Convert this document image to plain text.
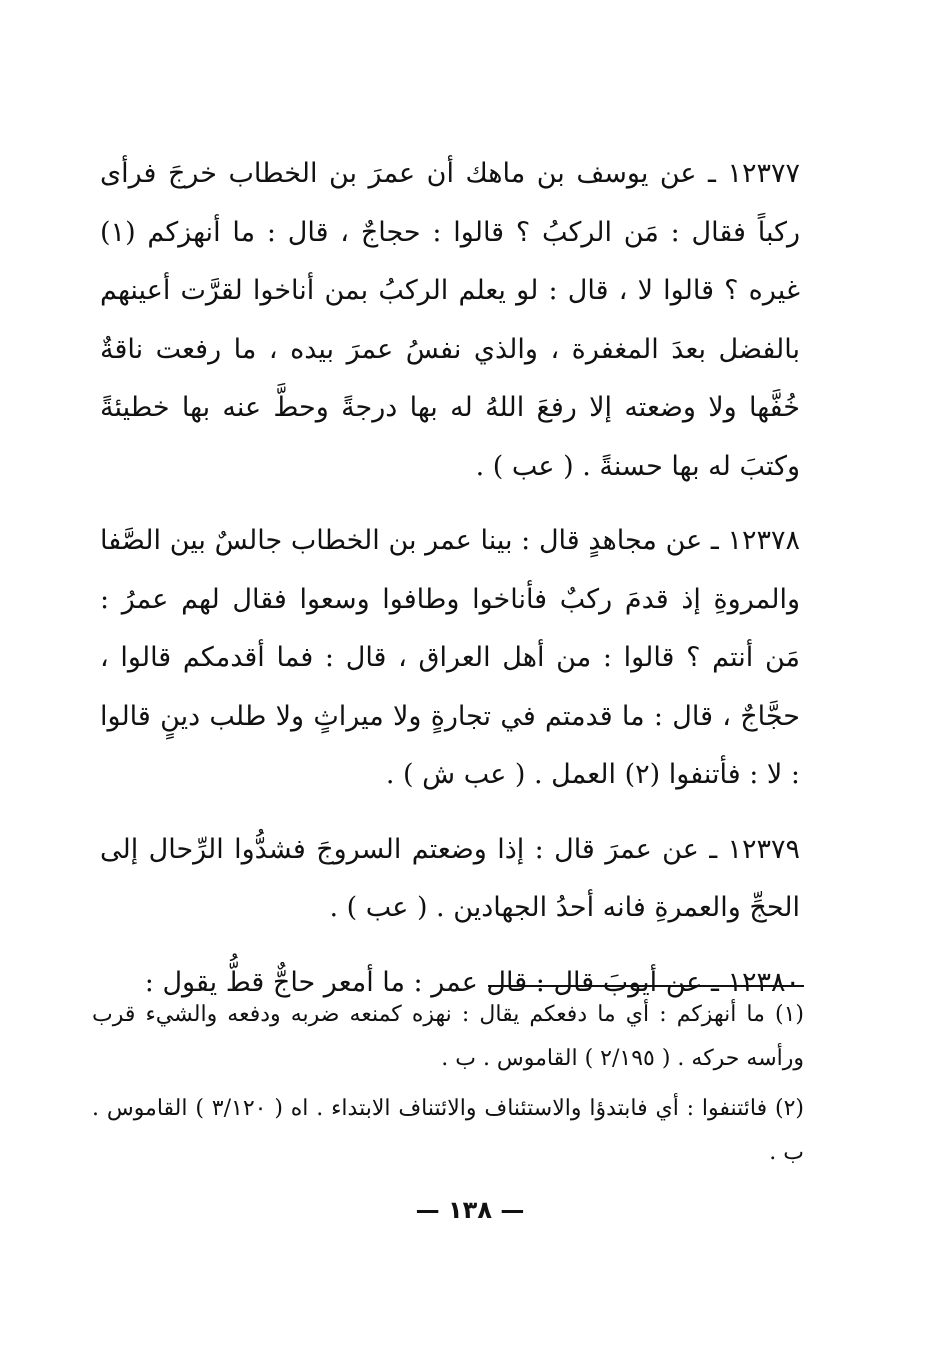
١٢٣٧٧ ـ عن يوسف بن ماهك أن عمرَ بن الخطاب خرجَ فرأى ركباً فقال : مَن الركبُ ؟ قالوا : حجاجٌ ، قال : ما أنهزكم (١) غيره ؟ قالوا لا ، قال : لو يعلم الركبُ بمن أناخوا لقرَّت أعينهم بالفضل بعدَ المغفرة ، والذي نفسُ عمرَ بيده ، ما رفعت ناقةٌ خُفَّها ولا وضعته إلا رفعَ اللهُ له بها درجةً وحطَّ عنه بها خطيئةً وكتبَ له بها حسنةً . ( عب ) .

١٢٣٧٨ ـ عن مجاهدٍ قال : بينا عمر بن الخطاب جالسٌ بين الصَّفا والمروةِ إذ قدمَ ركبٌ فأناخوا وطافوا وسعوا فقال لهم عمرُ : مَن أنتم ؟ قالوا : من أهل العراق ، قال : فما أقدمكم قالوا ، حجَّاجٌ ، قال : ما قدمتم في تجارةٍ ولا ميراثٍ ولا طلب دينٍ قالوا : لا : فأتنفوا (٢) العمل . ( عب ش ) .

١٢٣٧٩ ـ عن عمرَ قال : إذا وضعتم السروجَ فشدُّوا الرِّحال إلى الحجِّ والعمرةِ فانه أحدُ الجهادين . ( عب ) .

١٢٣٨٠ ـ عن أيوبَ قال : قال عمر : ما أمعر حاجٌّ قطُّ يقول :

(١) ما أنهزكم : أي ما دفعكم يقال : نهزه كمنعه ضربه ودفعه والشيء قرب ورأسه حركه . ( ٢/١٩٥ ) القاموس . ب .

(٢) فائتنفوا : أي فابتدؤا والاستئناف والائتناف الابتداء . اه ( ٣/١٢٠ ) القاموس . ب .

— ١٣٨ —
